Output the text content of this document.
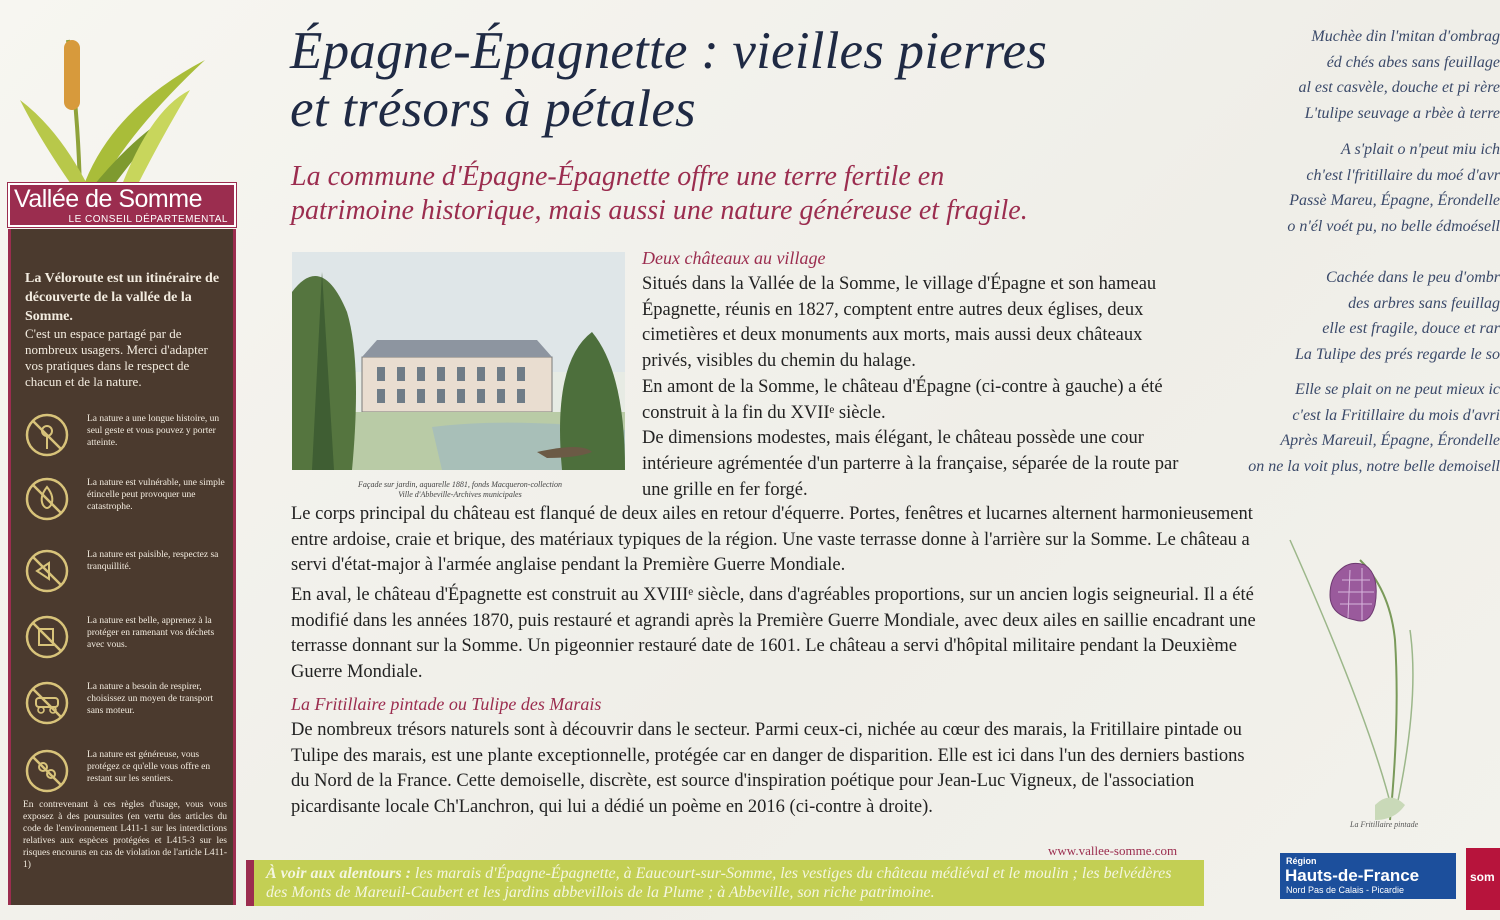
Vallée de Somme
LE CONSEIL DÉPARTEMENTAL
La Véloroute est un itinéraire de découverte de la vallée de la Somme.
C'est un espace partagé par de nombreux usagers. Merci d'adapter vos pratiques dans le respect de chacun et de la nature.
La nature a une longue histoire, un seul geste et vous pouvez y porter atteinte.
La nature est vulnérable, une simple étincelle peut provoquer une catastrophe.
La nature est paisible, respectez sa tranquillité.
La nature est belle, apprenez à la protéger en ramenant vos déchets avec vous.
La nature a besoin de respirer, choisissez un moyen de transport sans moteur.
La nature est généreuse, vous protégez ce qu'elle vous offre en restant sur les sentiers.
En contrevenant à ces règles d'usage, vous vous exposez à des poursuites (en vertu des articles du code de l'environnement L411-1 sur les interdictions relatives aux espèces protégées et L415-3 sur les risques encourus en cas de violation de l'article L411-1)
Épagne-Épagnette : vieilles pierres
et trésors à pétales
La commune d'Épagne-Épagnette offre une terre fertile en
patrimoine historique, mais aussi une nature généreuse et fragile.
Façade sur jardin, aquarelle 1881, fonds Macqueron-collection
Ville d'Abbeville-Archives municipales
Deux châteaux au village
Situés dans la Vallée de la Somme, le village d'Épagne et son hameau Épagnette, réunis en 1827, comptent entre autres deux églises, deux cimetières et deux monuments aux morts, mais aussi deux châteaux privés, visibles du chemin du halage.
En amont de la Somme, le château d'Épagne (ci-contre à gauche) a été construit à la fin du XVIIᵉ siècle.
De dimensions modestes, mais élégant, le château possède une cour intérieure agrémentée d'un parterre à la française, séparée de la route par une grille en fer forgé.
Le corps principal du château est flanqué de deux ailes en retour d'équerre. Portes, fenêtres et lucarnes alternent harmonieusement entre ardoise, craie et brique, des matériaux typiques de la région. Une vaste terrasse donne à l'arrière sur la Somme. Le château a servi d'état-major à l'armée anglaise pendant la Première Guerre Mondiale.
En aval, le château d'Épagnette est construit au XVIIIᵉ siècle, dans d'agréables proportions, sur un ancien logis seigneurial. Il a été modifié dans les années 1870, puis restauré et agrandi après la Première Guerre Mondiale, avec deux ailes en saillie encadrant une terrasse donnant sur la Somme. Un pigeonnier restauré date de 1601. Le château a servi d'hôpital militaire pendant la Deuxième Guerre Mondiale.
La Fritillaire pintade ou Tulipe des Marais
De nombreux trésors naturels sont à découvrir dans le secteur. Parmi ceux-ci, nichée au cœur des marais, la Fritillaire pintade ou Tulipe des marais, est une plante exceptionnelle, protégée car en danger de disparition. Elle est ici dans l'un des derniers bastions du Nord de la France. Cette demoiselle, discrète, est source d'inspiration poétique pour Jean-Luc Vigneux, de l'association picardisante locale Ch'Lanchron, qui lui a dédié un poème en 2016 (ci-contre à droite).
www.vallee-somme.com
À voir aux alentours : les marais d'Épagne-Épagnette, à Eaucourt-sur-Somme, les vestiges du château médiéval et le moulin ; les belvédères des Monts de Mareuil-Caubert et les jardins abbevillois de la Plume ; à Abbeville, son riche patrimoine.
Muchèe din l'mitan d'ombrag
éd chés abes sans feuillage
al est casvèle, douche et pi rère
L'tulipe seuvage a rbèe à terre
A s'plait o n'peut miu ich
ch'est l'fritillaire du moé d'avr
Passè Mareu, Épagne, Érondelle
o n'él voét pu, no belle édmoésell
Cachée dans le peu d'ombr
des arbres sans feuillag
elle est fragile, douce et rar
La Tulipe des prés regarde le so
Elle se plait on ne peut mieux ic
c'est la Fritillaire du mois d'avri
Après Mareuil, Épagne, Érondelle
on ne la voit plus, notre belle demoisell
La Fritillaire pintade
Région
Hauts-de-France
Nord Pas de Calais - Picardie
som
